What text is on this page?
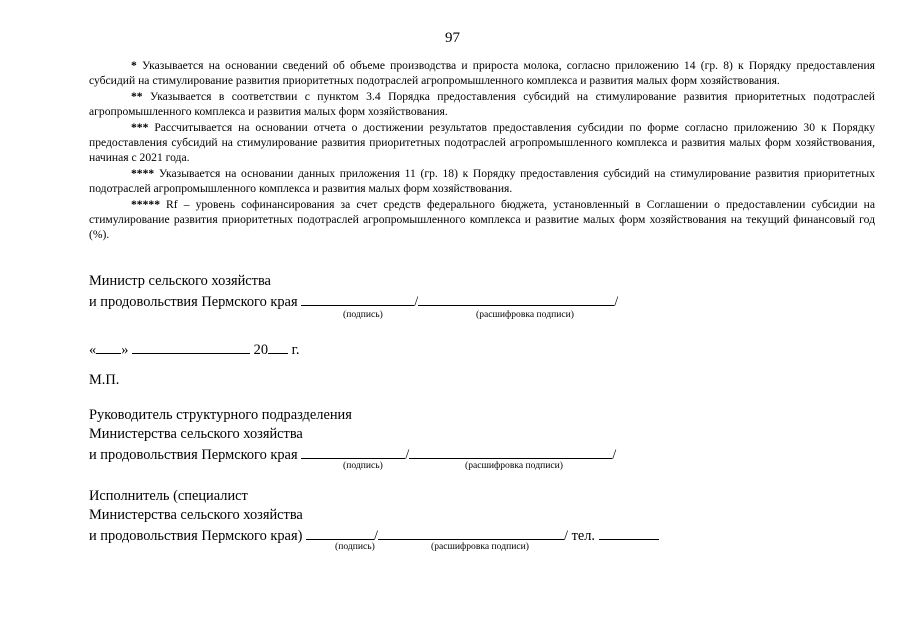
97

* Указывается на основании сведений об объеме производства и прироста молока, согласно приложению 14 (гр. 8) к Порядку предоставления субсидий на стимулирование развития приоритетных подотраслей агропромышленного комплекса и развития малых форм хозяйствования.

** Указывается в соответствии с пунктом 3.4 Порядка предоставления субсидий на стимулирование развития приоритетных подотраслей агропромышленного комплекса и развития малых форм хозяйствования.

*** Рассчитывается на основании отчета о достижении результатов предоставления субсидии по форме согласно приложению 30 к Порядку предоставления субсидий на стимулирование развития приоритетных подотраслей агропромышленного комплекса и развития малых форм хозяйствования, начиная с 2021 года.

**** Указывается на основании данных приложения 11 (гр. 18) к Порядку предоставления субсидий на стимулирование развития приоритетных подотраслей агропромышленного комплекса и развития малых форм хозяйствования.

***** Rf – уровень софинансирования за счет средств федерального бюджета, установленный в Соглашении о предоставлении субсидии на стимулирование развития приоритетных подотраслей агропромышленного комплекса и развитие малых форм хозяйствования на текущий финансовый год (%).

Министр сельского хозяйства
и продовольствия Пермского края	/	/
(подпись)	(расшифровка подписи)
« »	20 г.
М.П.
Руководитель структурного подразделения
Министерства сельского хозяйства
и продовольствия Пермского края	/	/
(подпись)	(расшифровка подписи)
Исполнитель (специалист
Министерства сельского хозяйства
и продовольствия Пермского края)	/	/ тел.
(подпись)	(расшифровка подписи)
